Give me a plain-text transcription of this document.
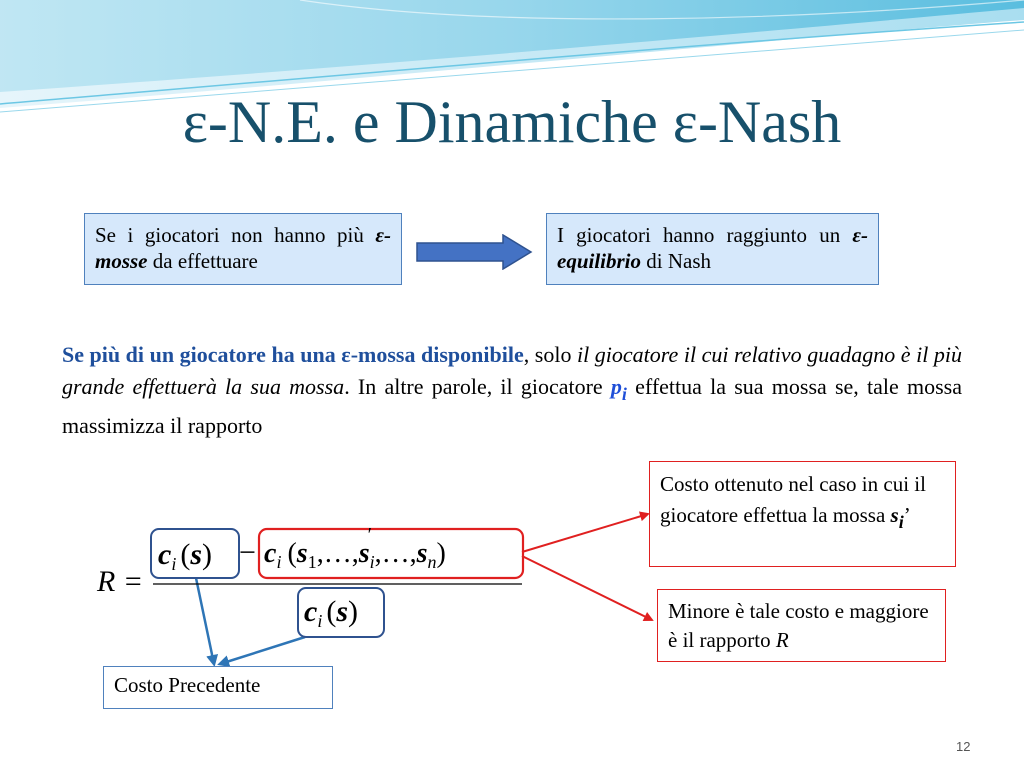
ε-N.E. e Dinamiche ε-Nash
Se i giocatori non hanno più ε-mosse da effettuare
I giocatori hanno raggiunto un ε-equilibrio di Nash
Se più di un giocatore ha una ε-mossa disponibile, solo il giocatore il cui relativo guadagno è il più grande effettuerà la sua mossa. In altre parole, il giocatore $p_i$ effettua la sua mossa se, tale mossa massimizza il rapporto
R =
$c_i$ $(s) - c_i$ ($s_1,\dots,s$
′
$_i,\dots,s_n$)
$c_i$ (s)
Costo ottenuto nel caso in cui il giocatore effettua la mossa si’
Minore è tale costo e maggiore è il rapporto R
Costo Precedente
12
